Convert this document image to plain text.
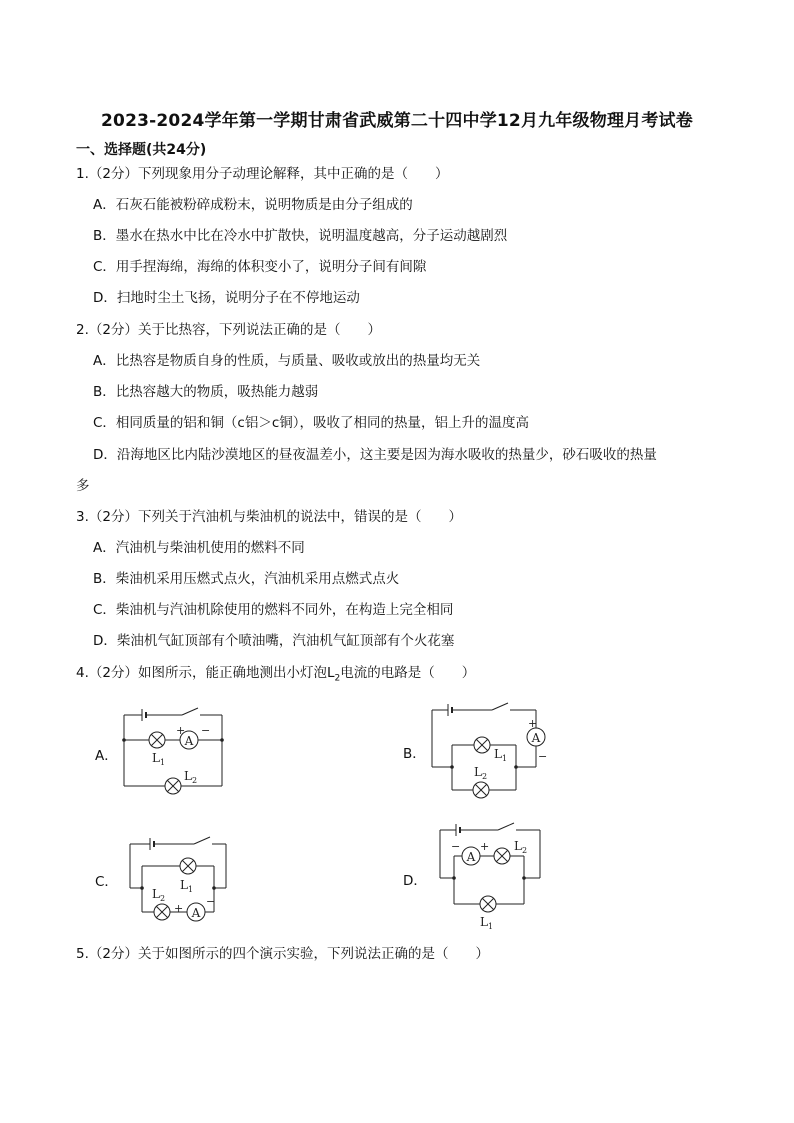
2023-2024学年第一学期甘肃省武威第二十四中学12月九年级物理月考试卷
一、选择题(共24分)
1.（2分）下列现象用分子动理论解释，其中正确的是（　　）
A．石灰石能被粉碎成粉末，说明物质是由分子组成的
B．墨水在热水中比在冷水中扩散快，说明温度越高，分子运动越剧烈
C．用手捏海绵，海绵的体积变小了，说明分子间有间隙
D．扫地时尘土飞扬，说明分子在不停地运动
2.（2分）关于比热容，下列说法正确的是（　　）
A．比热容是物质自身的性质，与质量、吸收或放出的热量均无关
B．比热容越大的物质，吸热能力越弱
C．相同质量的铝和铜（c铝＞c铜），吸收了相同的热量，铝上升的温度高
D．沿海地区比内陆沙漠地区的昼夜温差小，这主要是因为海水吸收的热量少，砂石吸收的热量
多
3.（2分）下列关于汽油机与柴油机的说法中，错误的是（　　）
A．汽油机与柴油机使用的燃料不同
B．柴油机采用压燃式点火，汽油机采用点燃式点火
C．柴油机与汽油机除使用的燃料不同外，在构造上完全相同
D．柴油机气缸顶部有个喷油嘴，汽油机气缸顶部有个火花塞
4.（2分）如图所示，能正确地测出小灯泡$L_2$电流的电路是（　　）
A．	B．
C．	D．
A
+ −
$L_1$
$L_2$
A
+
−
$L_1$
$L_2$
A
+
−
$L_1$
$L_2$
A
− + $L_2$
$L_1$
5.（2分）关于如图所示的四个演示实验，下列说法正确的是（　　）
